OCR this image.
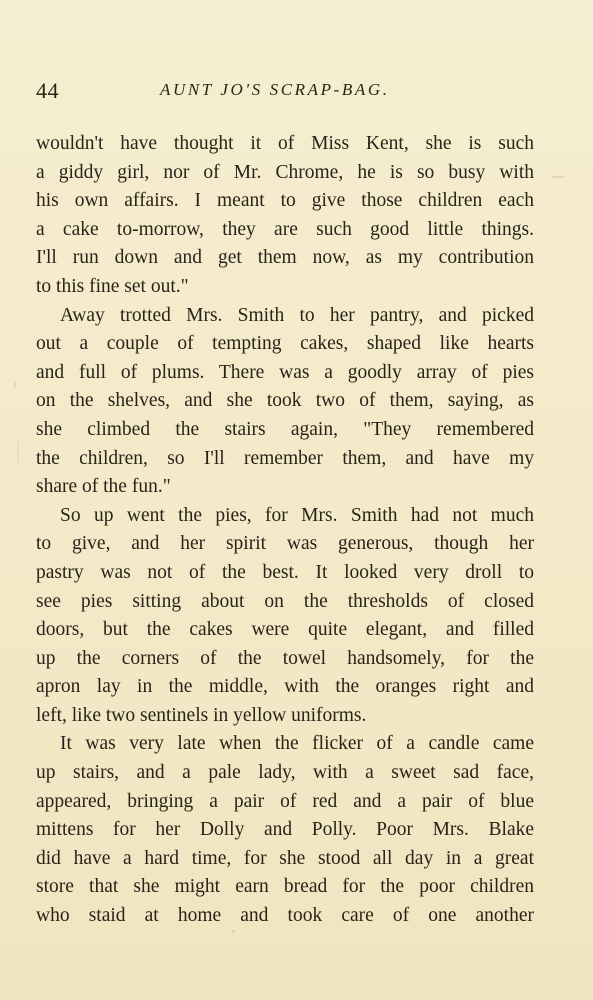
44	AUNT JO'S SCRAP-BAG.
wouldn't have thought it of Miss Kent, she is such
a giddy girl, nor of Mr. Chrome, he is so busy with
his own affairs. I meant to give those children each
a cake to-morrow, they are such good little things.
I'll run down and get them now, as my contribution
to this fine set out."
Away trotted Mrs. Smith to her pantry, and picked
out a couple of tempting cakes, shaped like hearts
and full of plums. There was a goodly array of pies
on the shelves, and she took two of them, saying, as
she climbed the stairs again, "They remembered
the children, so I'll remember them, and have my
share of the fun."
So up went the pies, for Mrs. Smith had not much
to give, and her spirit was generous, though her
pastry was not of the best. It looked very droll to
see pies sitting about on the thresholds of closed
doors, but the cakes were quite elegant, and filled
up the corners of the towel handsomely, for the
apron lay in the middle, with the oranges right and
left, like two sentinels in yellow uniforms.
It was very late when the flicker of a candle came
up stairs, and a pale lady, with a sweet sad face,
appeared, bringing a pair of red and a pair of blue
mittens for her Dolly and Polly. Poor Mrs. Blake
did have a hard time, for she stood all day in a great
store that she might earn bread for the poor children
who staid at home and took care of one another
